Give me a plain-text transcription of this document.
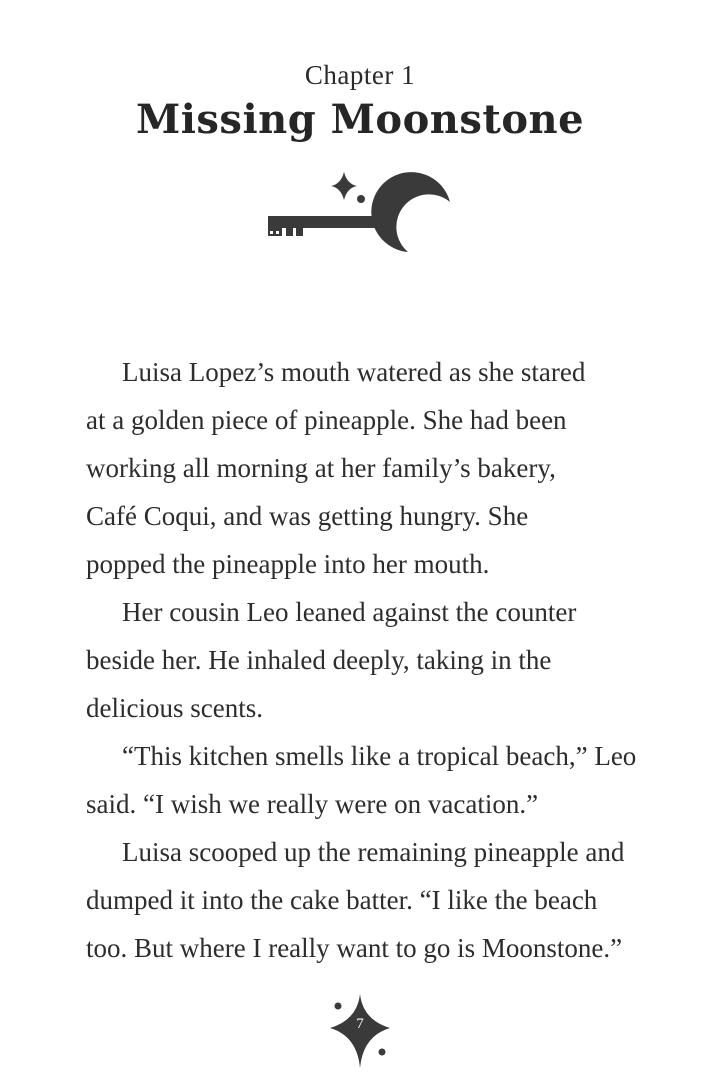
Chapter 1
Missing Moonstone
Luisa Lopez’s mouth watered as she stared
at a golden piece of pineapple. She had been
working all morning at her family’s bakery,
Café Coqui, and was getting hungry. She
popped the pineapple into her mouth.
Her cousin Leo leaned against the counter
beside her. He inhaled deeply, taking in the
delicious scents.
“This kitchen smells like a tropical beach,” Leo
said. “I wish we really were on vacation.”
Luisa scooped up the remaining pineapple and
dumped it into the cake batter. “I like the beach
too. But where I really want to go is Moonstone.”
7
